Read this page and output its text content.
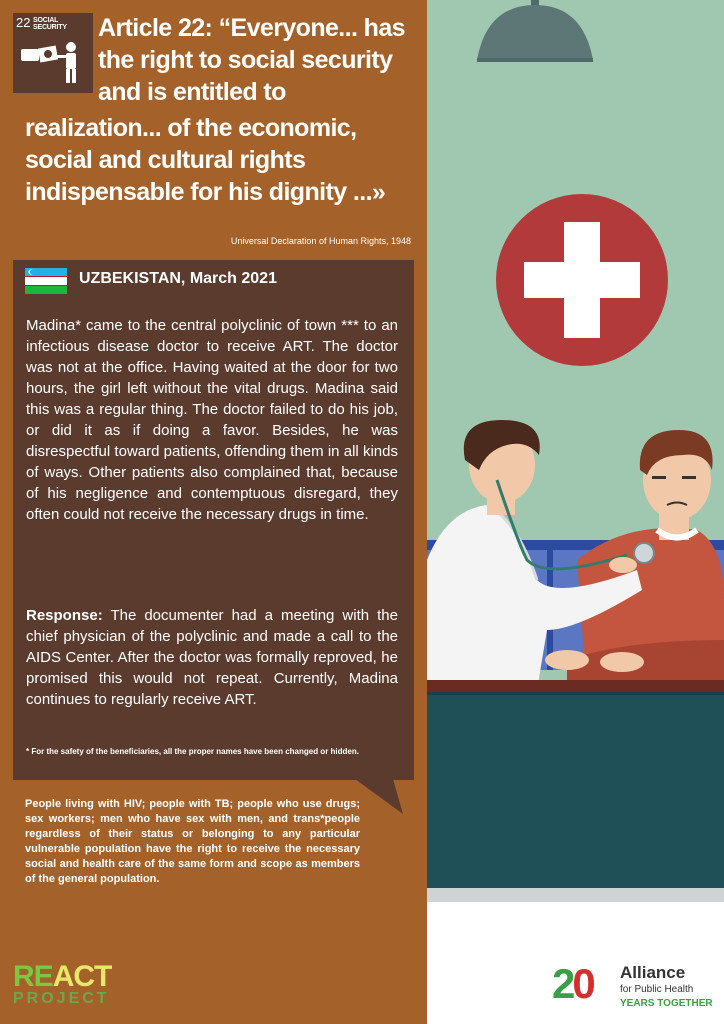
22 SOCIAL SECURITY	Article 22: “Everyone... has the right to social security and is entitled to
realization... of the economic, social and cultural rights indispensable for his dignity ...»
Universal Declaration of Human Rights, 1948
UZBEKISTAN, March 2021

Madina* came to the central polyclinic of town *** to an infectious disease doctor to receive ART. The doctor was not at the office. Having waited at the door for two hours, the girl left without the vital drugs. Madina said this was a regular thing. The doctor failed to do his job, or did it as if doing a favor. Besides, he was disrespectful toward patients, offending them in all kinds of ways. Other patients also complained that, because of his negligence and contemptuous disregard, they often could not receive the necessary drugs in time.

Response: The documenter had a meeting with the chief physician of the polyclinic and made a call to the AIDS Center. After the doctor was formally reproved, he promised this would not repeat. Currently, Madina continues to regularly receive ART.

* For the safety of the beneficiaries, all the proper names have been changed or hidden.

People living with HIV; people with TB; people who use drugs; sex workers; men who have sex with men, and trans*people regardless of their status or belonging to any particular vulnerable population have the right to receive the necessary social and health care of the same form and scope as members of the general population.

REACT
PROJECT	20 Alliance
for Public Health
YEARS TOGETHER
